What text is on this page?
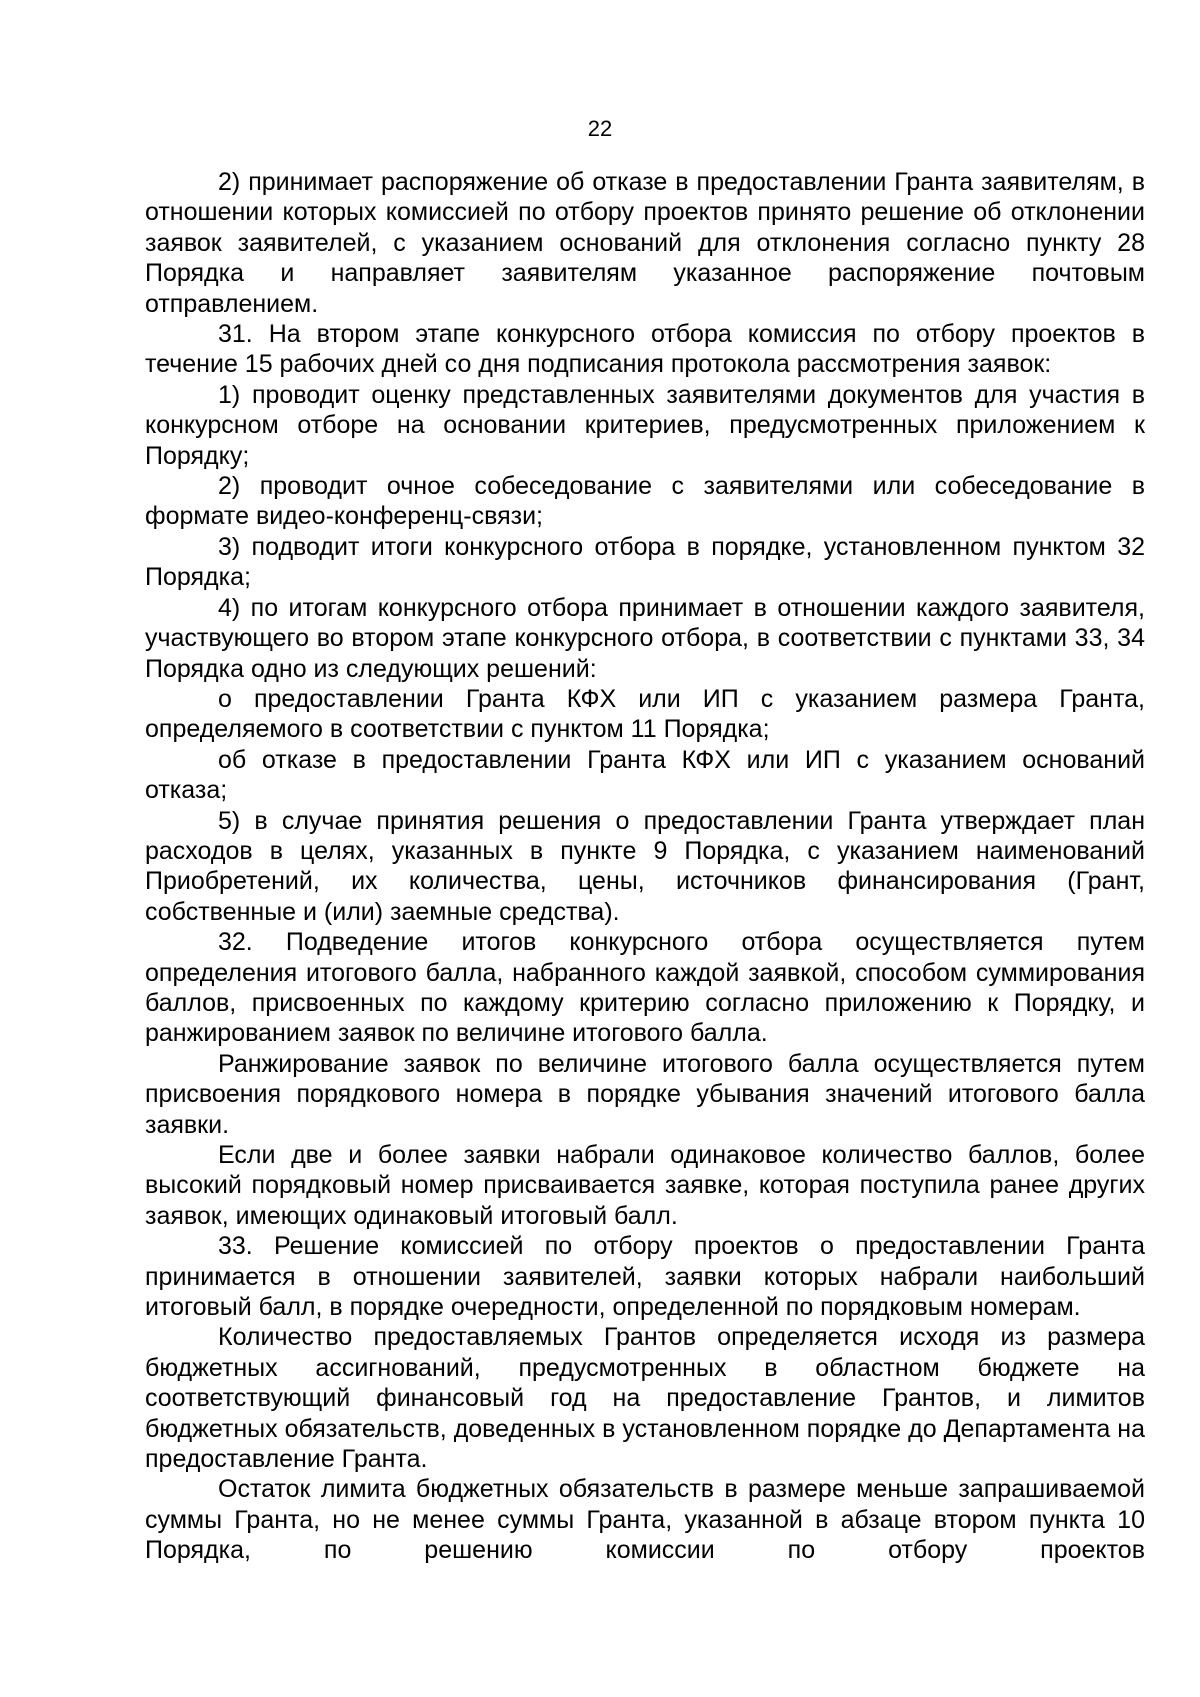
22

2) принимает распоряжение об отказе в предоставлении Гранта заявителям, в отношении которых комиссией по отбору проектов принято решение об отклонении заявок заявителей, с указанием оснований для отклонения согласно пункту 28 Порядка и направляет заявителям указанное распоряжение почтовым отправлением.

31. На втором этапе конкурсного отбора комиссия по отбору проектов в течение 15 рабочих дней со дня подписания протокола рассмотрения заявок:

1) проводит оценку представленных заявителями документов для участия в конкурсном отборе на основании критериев, предусмотренных приложением к Порядку;

2) проводит очное собеседование с заявителями или собеседование в формате видео-конференц-связи;

3) подводит итоги конкурсного отбора в порядке, установленном пунктом 32 Порядка;

4) по итогам конкурсного отбора принимает в отношении каждого заявителя, участвующего во втором этапе конкурсного отбора, в соответствии с пунктами 33, 34 Порядка одно из следующих решений:

о предоставлении Гранта КФХ или ИП с указанием размера Гранта, определяемого в соответствии с пунктом 11 Порядка;

об отказе в предоставлении Гранта КФХ или ИП с указанием оснований отказа;

5) в случае принятия решения о предоставлении Гранта утверждает план расходов в целях, указанных в пункте 9 Порядка, с указанием наименований Приобретений, их количества, цены, источников финансирования (Грант, собственные и (или) заемные средства).

32. Подведение итогов конкурсного отбора осуществляется путем определения итогового балла, набранного каждой заявкой, способом суммирования баллов, присвоенных по каждому критерию согласно приложению к Порядку, и ранжированием заявок по величине итогового балла.

Ранжирование заявок по величине итогового балла осуществляется путем присвоения порядкового номера в порядке убывания значений итогового балла заявки.

Если две и более заявки набрали одинаковое количество баллов, более высокий порядковый номер присваивается заявке, которая поступила ранее других заявок, имеющих одинаковый итоговый балл.

33. Решение комиссией по отбору проектов о предоставлении Гранта принимается в отношении заявителей, заявки которых набрали наибольший итоговый балл, в порядке очередности, определенной по порядковым номерам.

Количество предоставляемых Грантов определяется исходя из размера бюджетных ассигнований, предусмотренных в областном бюджете на соответствующий финансовый год на предоставление Грантов, и лимитов бюджетных обязательств, доведенных в установленном порядке до Департамента на предоставление Гранта.

Остаток лимита бюджетных обязательств в размере меньше запрашиваемой суммы Гранта, но не менее суммы Гранта, указанной в абзаце втором пункта 10 Порядка, по решению комиссии по отбору проектов
